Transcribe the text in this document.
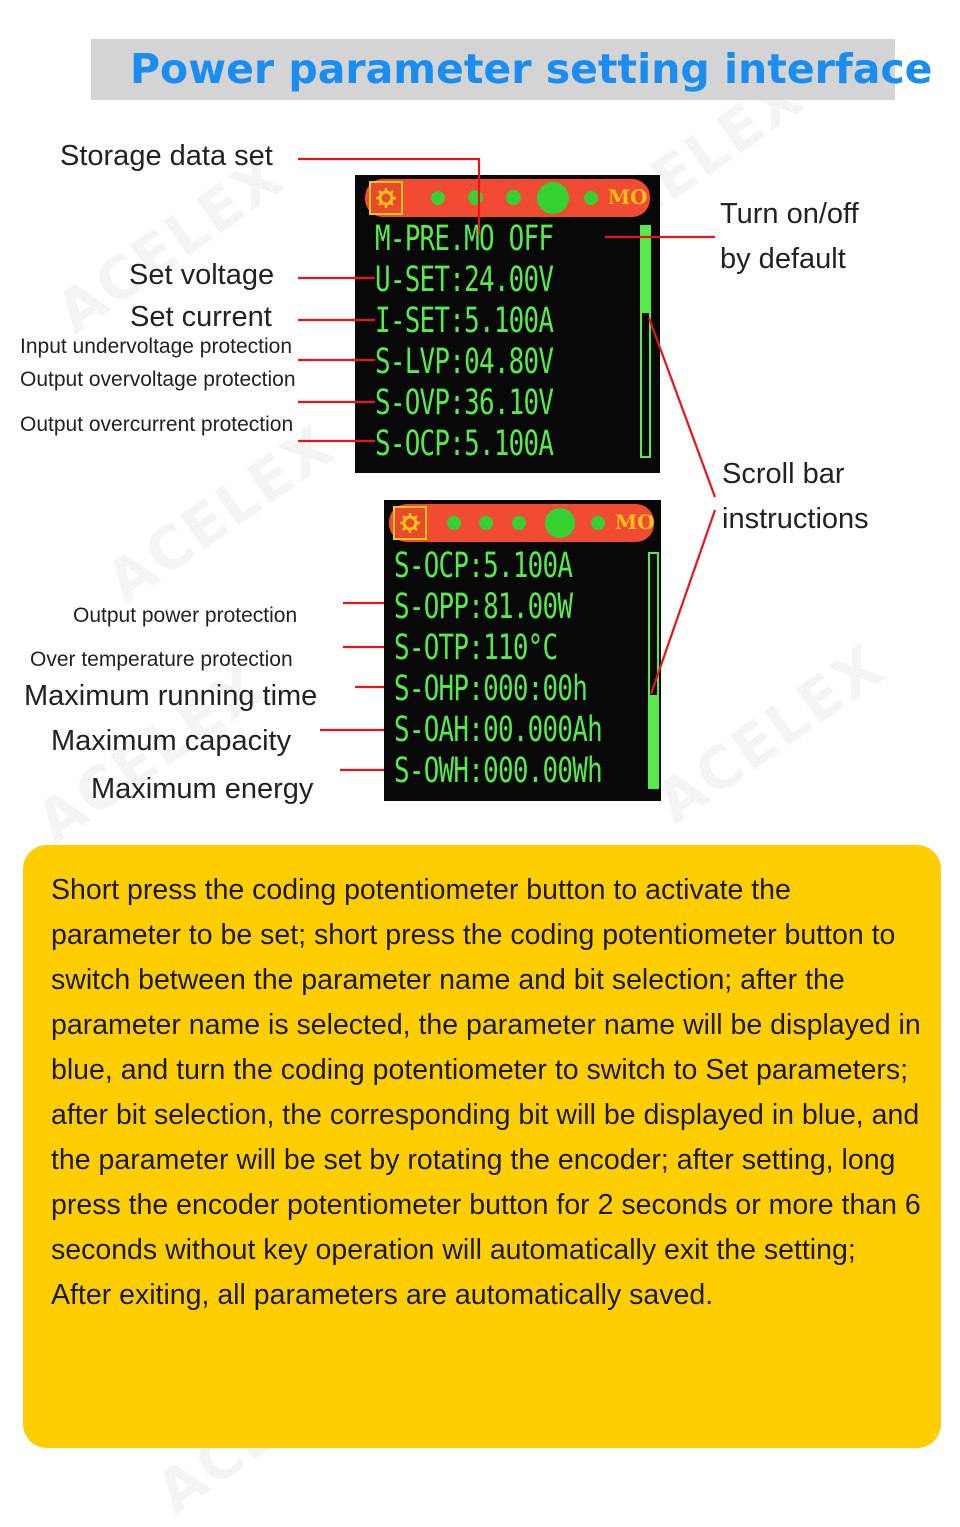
Power parameter setting interface
MO
M-PRE.MO OFF
U-SET:24.00V
I-SET:5.100A
S-LVP:04.80V
S-OVP:36.10V
S-OCP:5.100A
MO
S-OCP:5.100A
S-OPP:81.00W
S-OTP:110°C
S-OHP:000:00h
S-OAH:00.000Ah
S-OWH:000.00Wh
Storage data set
Set voltage
Set current
Input undervoltage protection
Output overvoltage protection
Output overcurrent protection
Turn on/off
by default
Scroll bar
instructions
Output power protection
Over temperature protection
Maximum running time
Maximum capacity
Maximum energy
Short press the coding potentiometer button to activate the parameter to be set; short press the coding potentiometer button to switch between the parameter name and bit selection; after the parameter name is selected, the parameter name will be displayed in blue, and turn the coding potentiometer to switch to Set parameters; after bit selection, the corresponding bit will be displayed in blue, and the parameter will be set by rotating the encoder; after setting, long press the encoder potentiometer button for 2 seconds or more than 6 seconds without key operation will automatically exit the setting; After exiting, all parameters are automatically saved.
